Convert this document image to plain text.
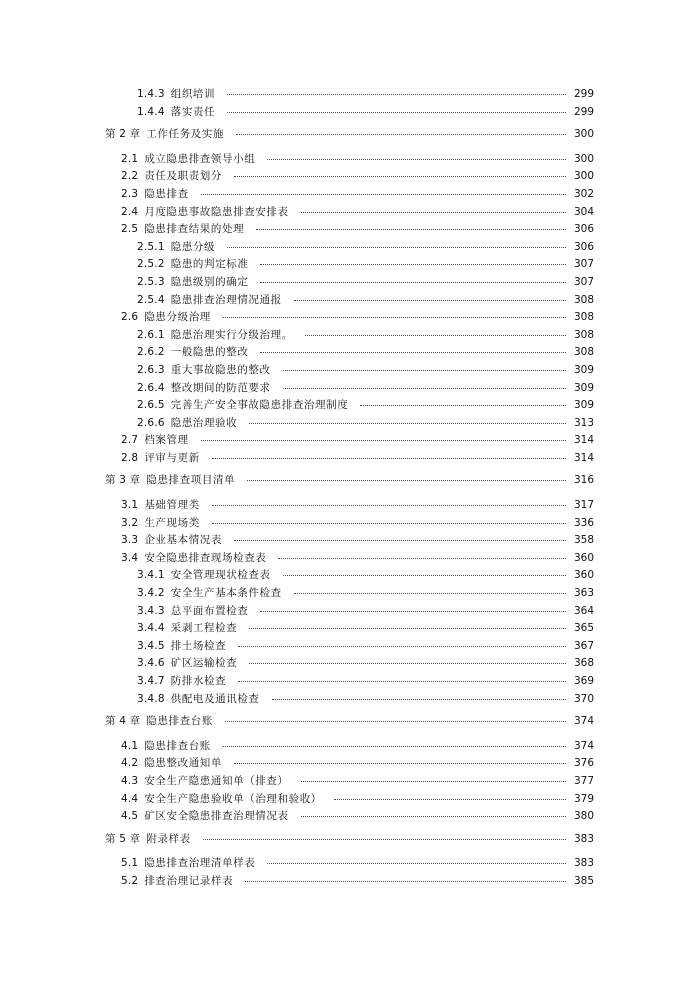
1.4.3 组织培训	299
1.4.4 落实责任	299
第 2 章 工作任务及实施	300
2.1 成立隐患排查领导小组	300
2.2 责任及职责划分	300
2.3 隐患排查	302
2.4 月度隐患事故隐患排查安排表	304
2.5 隐患排查结果的处理	306
2.5.1 隐患分级	306
2.5.2 隐患的判定标准	307
2.5.3 隐患级别的确定	307
2.5.4 隐患排查治理情况通报	308
2.6 隐患分级治理	308
2.6.1 隐患治理实行分级治理。	308
2.6.2 一般隐患的整改	308
2.6.3 重大事故隐患的整改	309
2.6.4 整改期间的防范要求	309
2.6.5 完善生产安全事故隐患排查治理制度	309
2.6.6 隐患治理验收	313
2.7 档案管理	314
2.8 评审与更新	314
第 3 章 隐患排查项目清单	316
3.1 基础管理类	317
3.2 生产现场类	336
3.3 企业基本情况表	358
3.4 安全隐患排查现场检查表	360
3.4.1 安全管理现状检查表	360
3.4.2 安全生产基本条件检查	363
3.4.3 总平面布置检查	364
3.4.4 采剥工程检查	365
3.4.5 排土场检查	367
3.4.6 矿区运输检查	368
3.4.7 防排水检查	369
3.4.8 供配电及通讯检查	370
第 4 章 隐患排查台账	374
4.1 隐患排查台账	374
4.2 隐患整改通知单	376
4.3 安全生产隐患通知单（排查）	377
4.4 安全生产隐患验收单（治理和验收）	379
4.5 矿区安全隐患排查治理情况表	380
第 5 章 附录样表	383
5.1 隐患排查治理清单样表	383
5.2 排查治理记录样表	385
